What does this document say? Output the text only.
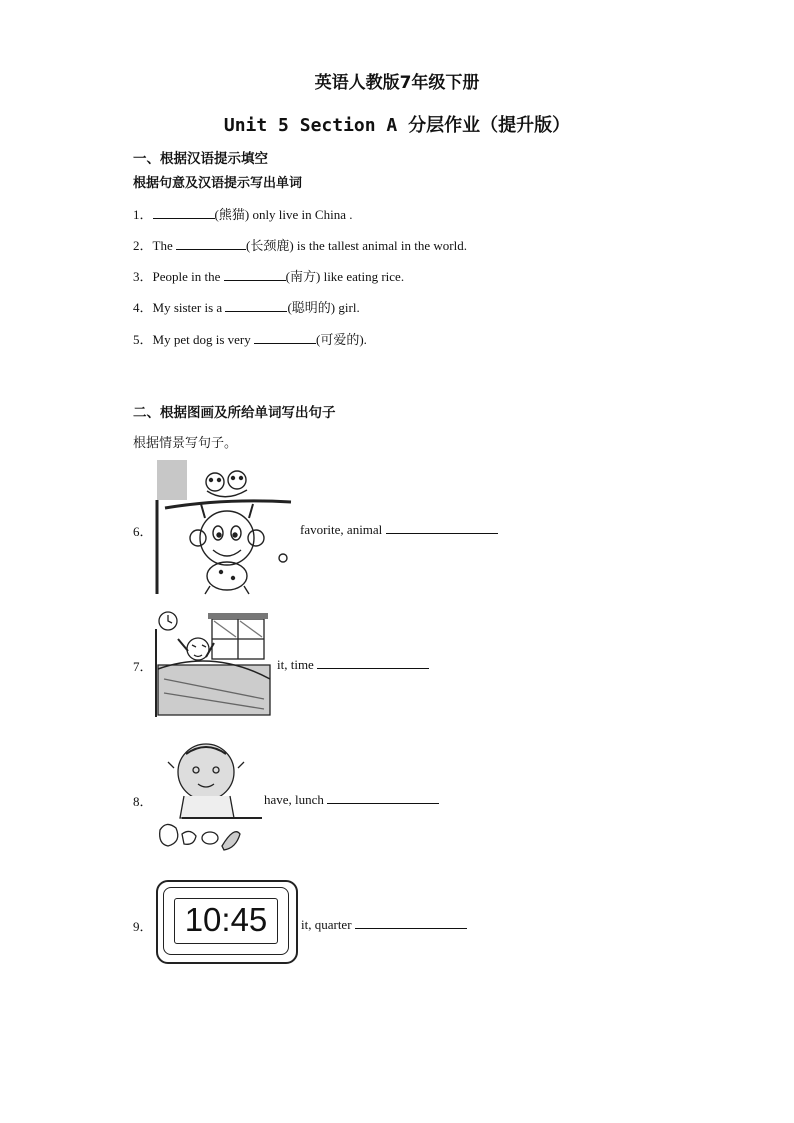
英语人教版7年级下册
Unit 5 Section A 分层作业（提升版）
一、根据汉语提示填空
根据句意及汉语提示写出单词
1．	(熊猫) only live in China .
2．The	(长颈鹿) is the tallest animal in the world.
3．People in the	(南方) like eating rice.
4．My sister is a	(聪明的) girl.
5．My pet dog is very	(可爱的).
二、根据图画及所给单词写出句子
根据情景写句子。
6．	favorite, animal
7．	it, time
8．	have, lunch
9． 10:45	it, quarter
